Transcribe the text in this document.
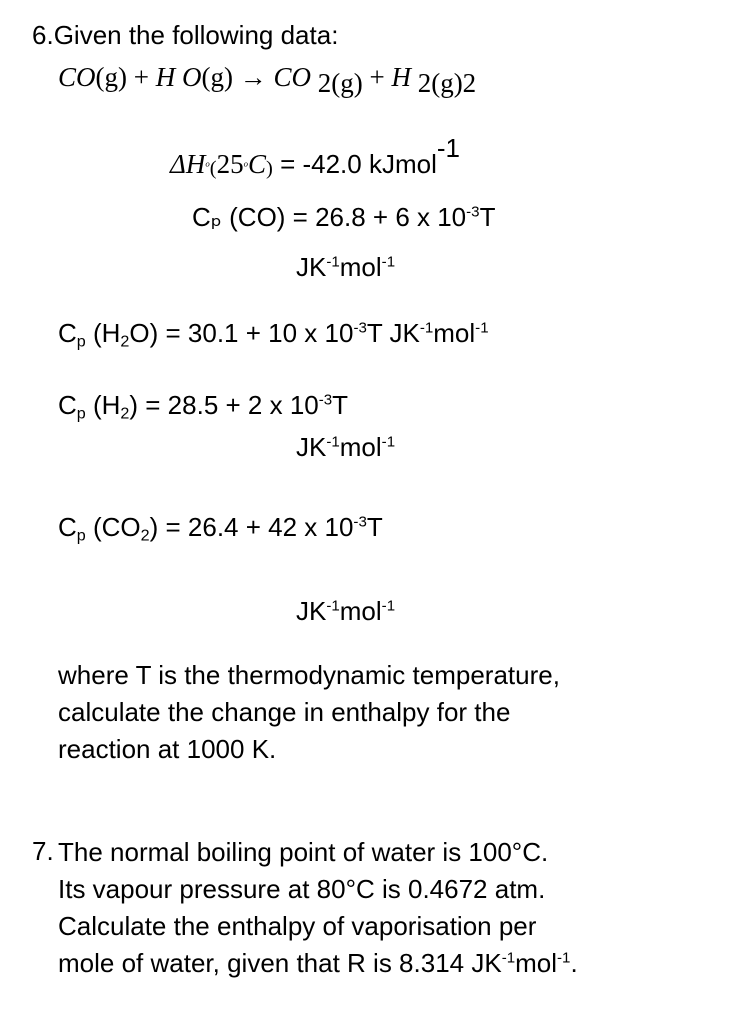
6.Given the following data:
CO(g) + H O(g) → CO 2(g) + H 2(g)2
$\Delta H^o(25^oC) = -42.0$ kJmol$^{-1}$
Cₚ (CO) = 26.8 + 6 x $10^{-3}T$
$JK^{-1}mol^{-1}$
$C_p$ $(H_2O) = 30.1 + 10$ x $10^{-3}T$ $JK^{-1}mol^{-1}$
$C_p$ $(H_2) = 28.5 + 2$ x $10^{-3}T$
$JK^{-1}mol^{-1}$
$C_p$ $(CO_2) = 26.4 + 42$ x $10^{-3}T$
$JK^{-1}mol^{-1}$
where T is the thermodynamic temperature,
calculate the change in enthalpy for the
reaction at 1000 K.
7. The normal boiling point of water is 100°C.
Its vapour pressure at 80°C is 0.4672 atm.
Calculate the enthalpy of vaporisation per
mole of water, given that R is 8.314 $JK^{-1}mol^{-1}$.
